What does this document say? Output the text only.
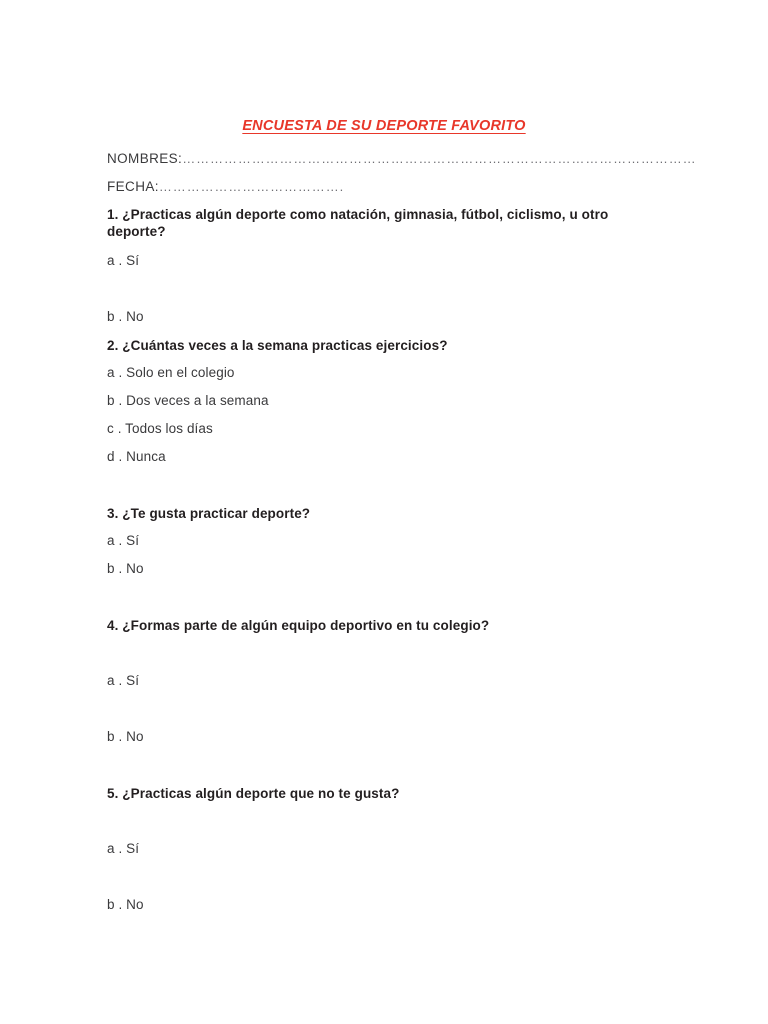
ENCUESTA DE SU DEPORTE FAVORITO
NOMBRES:…………………………………………………………………………………………………
FECHA:………………………………….
1. ¿Practicas algún deporte como natación, gimnasia, fútbol, ciclismo, u otro deporte?
a . Sí
b . No
2. ¿Cuántas veces a la semana practicas ejercicios?
a . Solo en el colegio
b . Dos veces a la semana
c . Todos los días
d . Nunca
3. ¿Te gusta practicar deporte?
a . Sí
b . No
4. ¿Formas parte de algún equipo deportivo en tu colegio?
a . Sí
b . No
5. ¿Practicas algún deporte que no te gusta?
a . Sí
b . No
